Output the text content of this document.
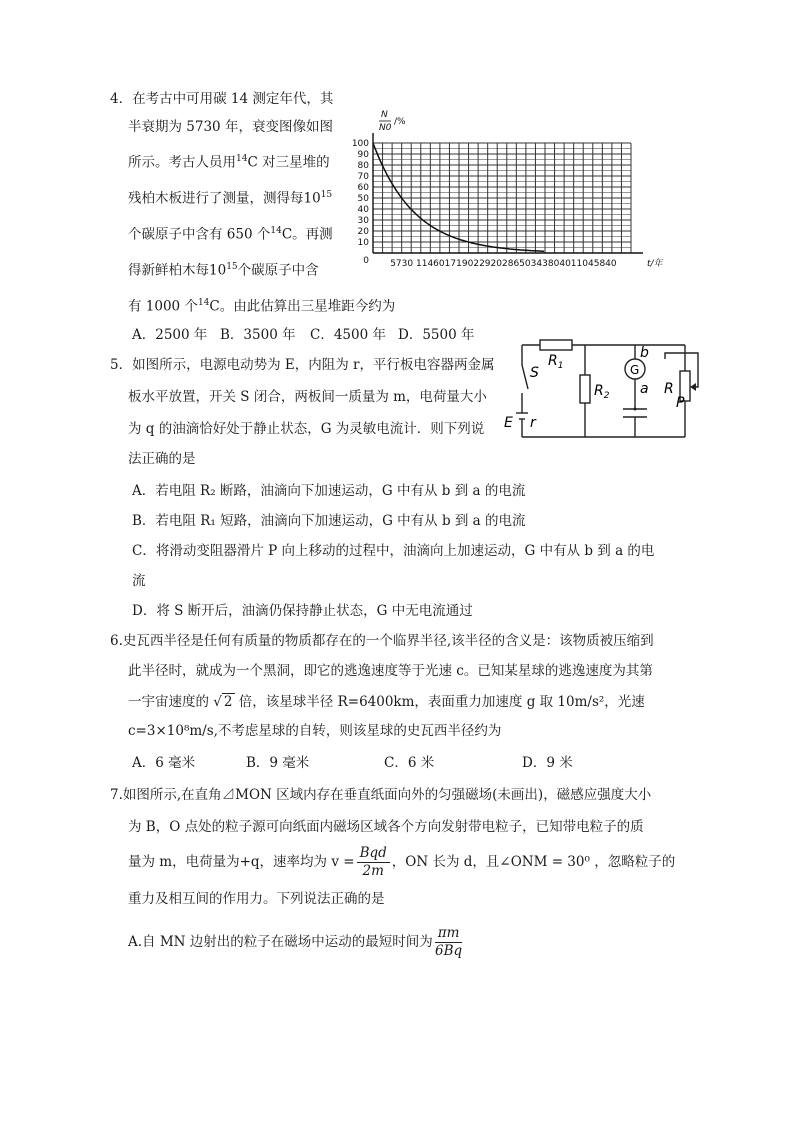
4．在考古中可用碳 14 测定年代，其
半衰期为 5730 年，衰变图像如图
所示。考古人员用$^{14}$C 对三星堆的
残柏木板进行了测量，测得每$10^{15}$
个碳原子中含有 650 个$^{14}$C。再测
得新鲜柏木每$10^{15}$个碳原子中含
有 1000 个$^{14}$C。由此估算出三星堆距今约为
A．2500 年 B．3500 年 C．4500 年 D．5500 年
100
90
80
70
60
50
40
30
20
10
5730 11460 17190 22920 28650 34380 40110 45840
0	t/年
N
N0
/%
5．如图所示，电源电动势为 E，内阻为 r，平行板电容器两金属
板水平放置，开关 S 闭合，两板间一质量为 m，电荷量大小
为 q 的油滴恰好处于静止状态，G 为灵敏电流计．则下列说
法正确的是
A．若电阻 R₂ 断路，油滴向下加速运动，G 中有从 b 到 a 的电流
B．若电阻 R₁ 短路，油滴向下加速运动，G 中有从 b 到 a 的电流
C．将滑动变阻器滑片 P 向上移动的过程中，油滴向上加速运动，G 中有从 b 到 a 的电
流
D．将 S 断开后，油滴仍保持静止状态，G 中无电流通过
$R_1$
$R_2$
G
b
a R
P
S
E r
6.史瓦西半径是任何有质量的物质都存在的一个临界半径,该半径的含义是：该物质被压缩到
此半径时，就成为一个黑洞，即它的逃逸速度等于光速 c。已知某星球的逃逸速度为其第
一宇宙速度的 √ 2 倍，该星球半径 R=6400km，表面重力加速度 g 取 10m/s²，光速
c=3×10⁸m/s,不考虑星球的自转，则该星球的史瓦西半径约为
A．6 毫米	B．9 毫米	C．6 米	D．9 米
7.如图所示,在直角⊿MON 区域内存在垂直纸面向外的匀强磁场(未画出)，磁感应强度大小
为 B，O 点处的粒子源可向纸面内磁场区域各个方向发射带电粒子，已知带电粒子的质
量为 m，电荷量为+q，速率均为 $v = \frac{\text{Bqd}}{2m}$ ，ON 长为 d，且∠ONM = 30⁰ ，忽略粒子的
重力及相互间的作用力。下列说法正确的是
A.自 MN 边射出的粒子在磁场中运动的最短时间为 $\frac{\pi m}{6Bq}$
